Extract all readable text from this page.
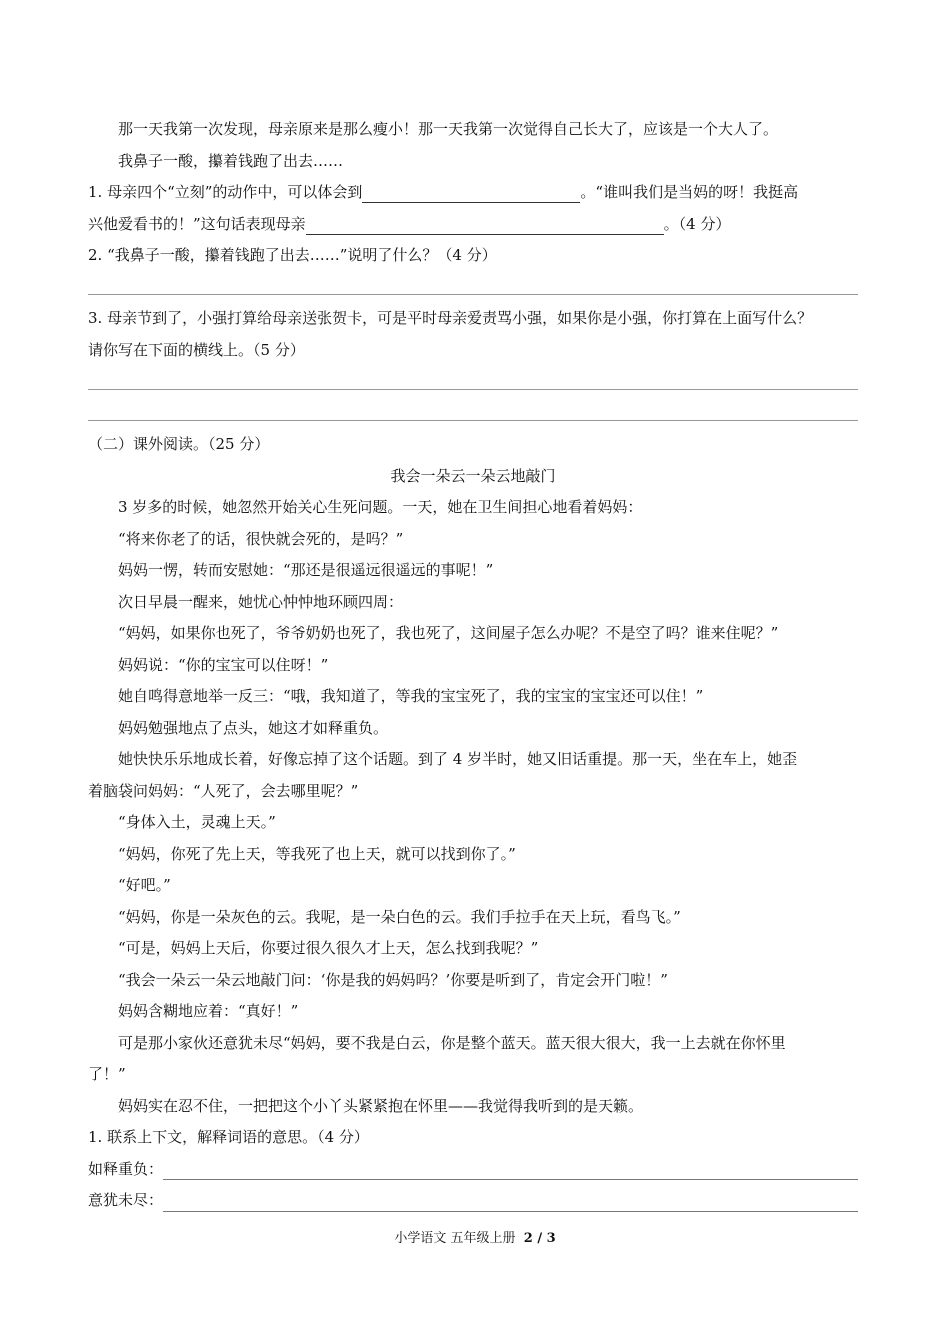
那一天我第一次发现，母亲原来是那么瘦小！那一天我第一次觉得自己长大了，应该是一个大人了。
我鼻子一酸，攥着钱跑了出去……
1. 母亲四个“立刻”的动作中，可以体会到	。“谁叫我们是当妈的呀！我挺高
兴他爱看书的！”这句话表现母亲	。（4 分）
2. “我鼻子一酸，攥着钱跑了出去……”说明了什么？（4 分）
3. 母亲节到了，小强打算给母亲送张贺卡，可是平时母亲爱责骂小强，如果你是小强，你打算在上面写什么？
请你写在下面的横线上。（5 分）
（二）课外阅读。（25 分）
我会一朵云一朵云地敲门
3 岁多的时候，她忽然开始关心生死问题。一天，她在卫生间担心地看着妈妈：
“将来你老了的话，很快就会死的，是吗？”
妈妈一愣，转而安慰她：“那还是很遥远很遥远的事呢！”
次日早晨一醒来，她忧心忡忡地环顾四周：
“妈妈，如果你也死了，爷爷奶奶也死了，我也死了，这间屋子怎么办呢？不是空了吗？谁来住呢？”
妈妈说：“你的宝宝可以住呀！”
她自鸣得意地举一反三：“哦，我知道了，等我的宝宝死了，我的宝宝的宝宝还可以住！”
妈妈勉强地点了点头，她这才如释重负。
她快快乐乐地成长着，好像忘掉了这个话题。到了 4 岁半时，她又旧话重提。那一天，坐在车上，她歪
着脑袋问妈妈：“人死了，会去哪里呢？”
“身体入土，灵魂上天。”
“妈妈，你死了先上天，等我死了也上天，就可以找到你了。”
“好吧。”
“妈妈，你是一朵灰色的云。我呢，是一朵白色的云。我们手拉手在天上玩，看鸟飞。”
“可是，妈妈上天后，你要过很久很久才上天，怎么找到我呢？”
“我会一朵云一朵云地敲门问：‘你是我的妈妈吗？’你要是听到了，肯定会开门啦！”
妈妈含糊地应着：“真好！”
可是那小家伙还意犹未尽“妈妈，要不我是白云，你是整个蓝天。蓝天很大很大，我一上去就在你怀里
了！”
妈妈实在忍不住，一把把这个小丫头紧紧抱在怀里——我觉得我听到的是天籁。
1. 联系上下文，解释词语的意思。（4 分）
如释重负：
意犹未尽：
小学语文 五年级上册 2 / 3
